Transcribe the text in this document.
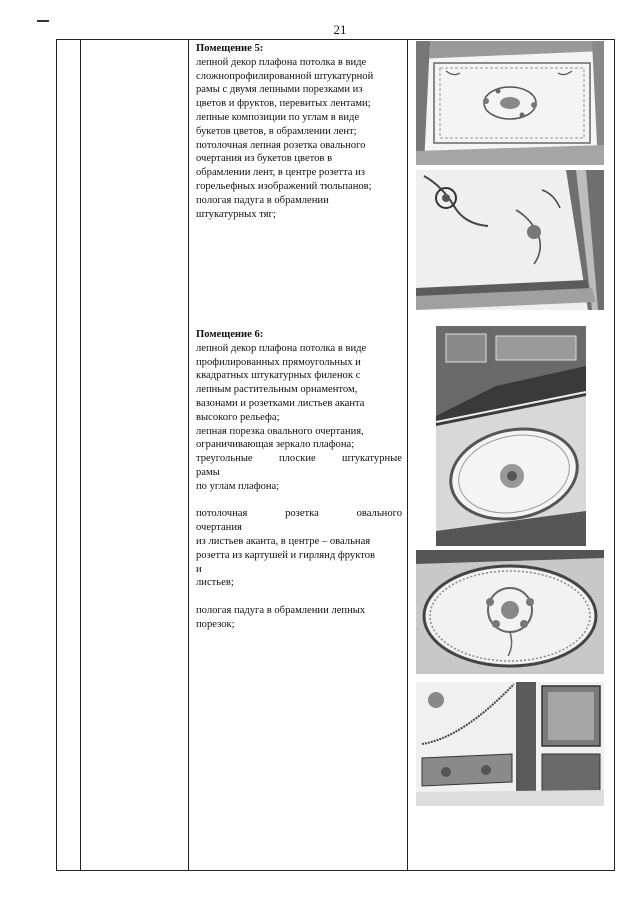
21
Помещение 5:
лепной декор плафона потолка в виде
сложнопрофилированной штукатурной
рамы с двумя лепными порезками из
цветов и фруктов, перевитых лентами;
лепные композиции по углам в виде
букетов цветов, в обрамлении лент;
потолочная лепная розетка овального
очертания из букетов цветов в
обрамлении лент, в центре розетта из
горельефных изображений тюльпанов;
пологая падуга в обрамлении
штукатурных тяг;
Помещение 6:
лепной декор плафона потолка в виде
профилированных прямоугольных и
квадратных штукатурных филенок с
лепным растительным орнаментом,
вазонами и розетками листьев аканта
высокого рельефа;
лепная порезка овального очертания,
ограничивающая зеркало плафона;
треугольные плоские штукатурные
рамы
по углам плафона;
потолочная	розетка	овального
очертания
из листьев аканта, в центре – овальная
розетта из картушей и гирлянд фруктов
и
листьев;
пологая падуга в обрамлении лепных
порезок;
